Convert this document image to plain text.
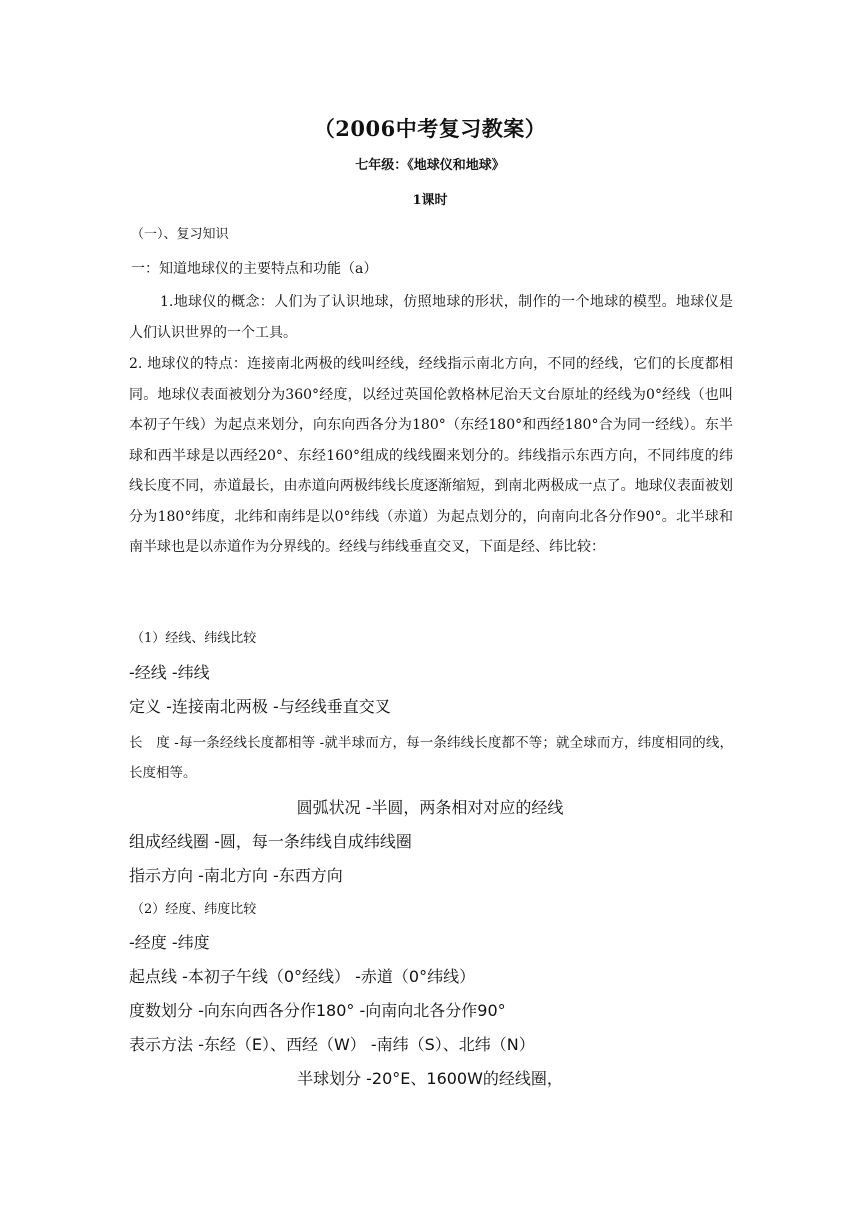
（2006中考复习教案）
七年级：《地球仪和地球》
1课时
（一）、复习知识
一：知道地球仪的主要特点和功能（a）
1.地球仪的概念：人们为了认识地球，仿照地球的形状，制作的一个地球的模型。地球仪是人们认识世界的一个工具。
2. 地球仪的特点：连接南北两极的线叫经线，经线指示南北方向，不同的经线，它们的长度都相同。地球仪表面被划分为360°经度，以经过英国伦敦格林尼治天文台原址的经线为0°经线（也叫本初子午线）为起点来划分，向东向西各分为180°（东经180°和西经180°合为同一经线）。东半球和西半球是以西经20°、东经160°组成的线线圈来划分的。纬线指示东西方向，不同纬度的纬线长度不同，赤道最长，由赤道向两极纬线长度逐渐缩短，到南北两极成一点了。地球仪表面被划分为180°纬度，北纬和南纬是以0°纬线（赤道）为起点划分的，向南向北各分作90°。北半球和南半球也是以赤道作为分界线的。经线与纬线垂直交叉，下面是经、纬比较：
（1）经线、纬线比较
-经线 -纬线
定义 -连接南北两极 -与经线垂直交叉
长　度 -每一条经线长度都相等 -就半球而方，每一条纬线长度都不等；就全球而方，纬度相同的线，长度相等。
圆弧状况 -半圆，两条相对对应的经线
组成经线圈 -圆，每一条纬线自成纬线圈
指示方向 -南北方向 -东西方向
（2）经度、纬度比较
-经度 -纬度
起点线 -本初子午线（0°经线） -赤道（0°纬线）
度数划分 -向东向西各分作180° -向南向北各分作90°
表示方法 -东经（E）、西经（W） -南纬（S）、北纬（N）
半球划分 -20°E、1600W的经线圈，
